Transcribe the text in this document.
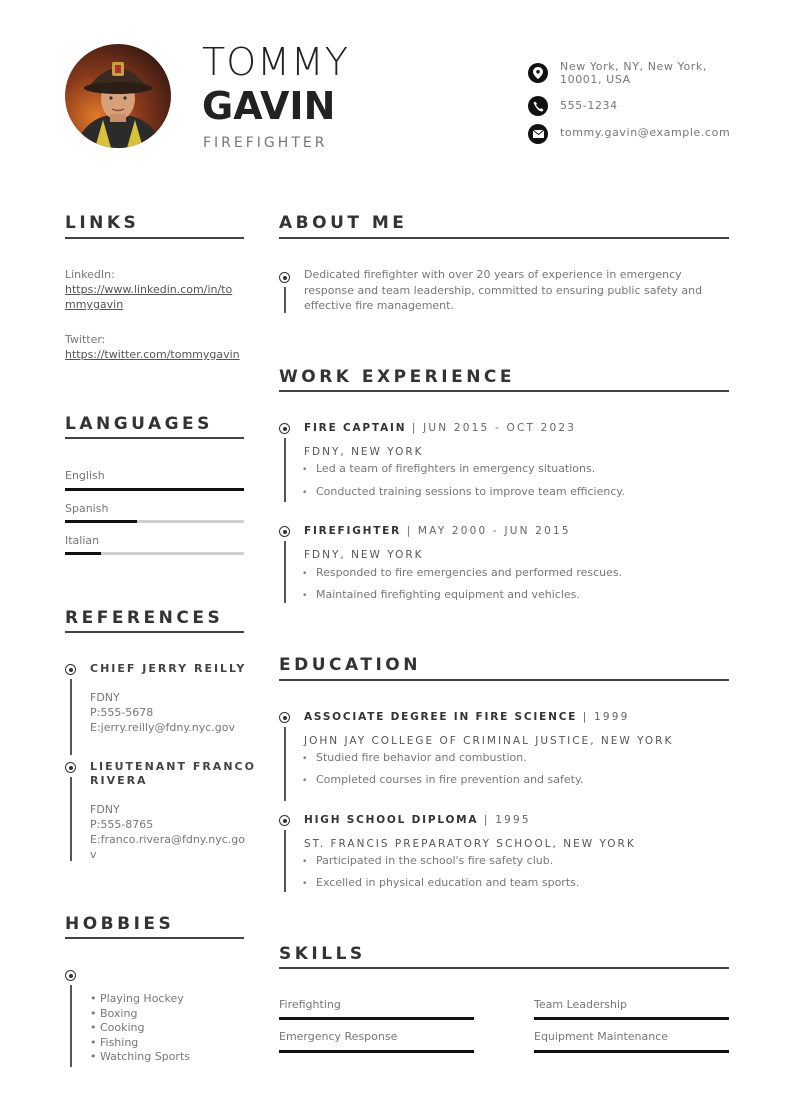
TOMMY
GAVIN
FIREFIGHTER
New York, NY, New York,
10001, USA
555-1234
tommy.gavin@example.com
LINKS
LinkedIn:
https://www.linkedin.com/in/to
mmygavin
Twitter:
https://twitter.com/tommygavin
LANGUAGES
English
Spanish
Italian
REFERENCES
CHIEF JERRY REILLY
FDNY
P:555-5678
E:jerry.reilly@fdny.nyc.gov
LIEUTENANT FRANCO
RIVERA
FDNY
P:555-8765
E:franco.rivera@fdny.nyc.go
v
HOBBIES
• Playing Hockey
• Boxing
• Cooking
• Fishing
• Watching Sports
ABOUT ME
Dedicated firefighter with over 20 years of experience in emergency
response and team leadership, committed to ensuring public safety and
effective fire management.
WORK EXPERIENCE
FIRE CAPTAIN | JUN 2015 - OCT 2023
FDNY, NEW YORK
• Led a team of firefighters in emergency situations.
• Conducted training sessions to improve team efficiency.
FIREFIGHTER | MAY 2000 - JUN 2015
FDNY, NEW YORK
• Responded to fire emergencies and performed rescues.
• Maintained firefighting equipment and vehicles.
EDUCATION
ASSOCIATE DEGREE IN FIRE SCIENCE | 1999
JOHN JAY COLLEGE OF CRIMINAL JUSTICE, NEW YORK
• Studied fire behavior and combustion.
• Completed courses in fire prevention and safety.
HIGH SCHOOL DIPLOMA | 1995
ST. FRANCIS PREPARATORY SCHOOL, NEW YORK
• Participated in the school's fire safety club.
• Excelled in physical education and team sports.
SKILLS
Firefighting	Team Leadership
Emergency Response	Equipment Maintenance
